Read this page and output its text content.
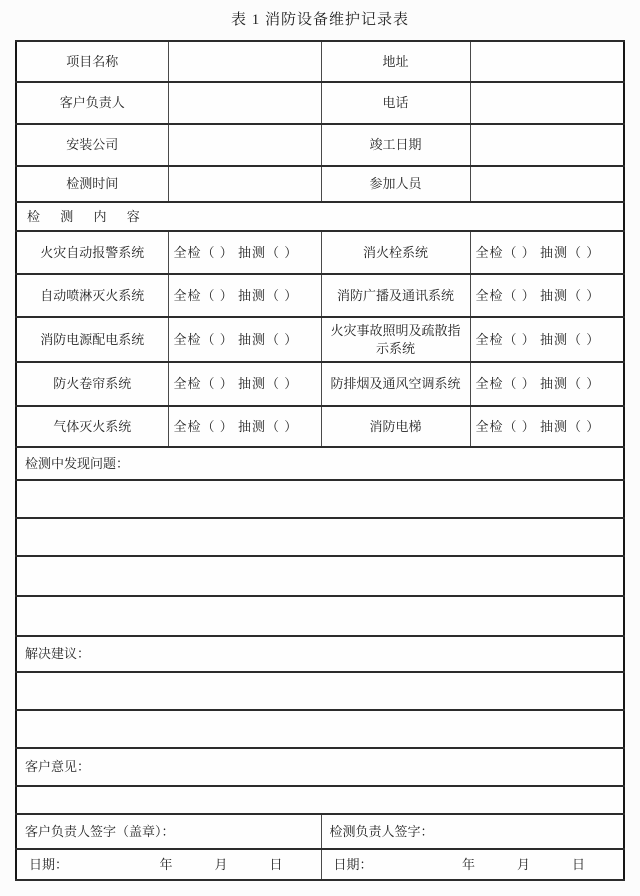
表 1 消防设备维护记录表
项目名称		地址	
客户负责人		电话	
安装公司		竣工日期	
检测时间		参加人员	
检 测 内 容			
火灾自动报警系统	全检（ ） 抽测（ ）	消火栓系统	全检（ ） 抽测（ ）
自动喷淋灭火系统	全检（ ） 抽测（ ）	消防广播及通讯系统	全检（ ） 抽测（ ）
消防电源配电系统	全检（ ） 抽测（ ）	火灾事故照明及疏散指示系统	全检（ ） 抽测（ ）
防火卷帘系统	全检（ ） 抽测（ ）	防排烟及通风空调系统	全检（ ） 抽测（ ）
气体灭火系统	全检（ ） 抽测（ ）	消防电梯	全检（ ） 抽测（ ）
检测中发现问题：			

解决建议：			

客户意见：			

客户负责人签字（盖章）：		检测负责人签字：	

日期： 年 月 日		日期： 年 月 日	
